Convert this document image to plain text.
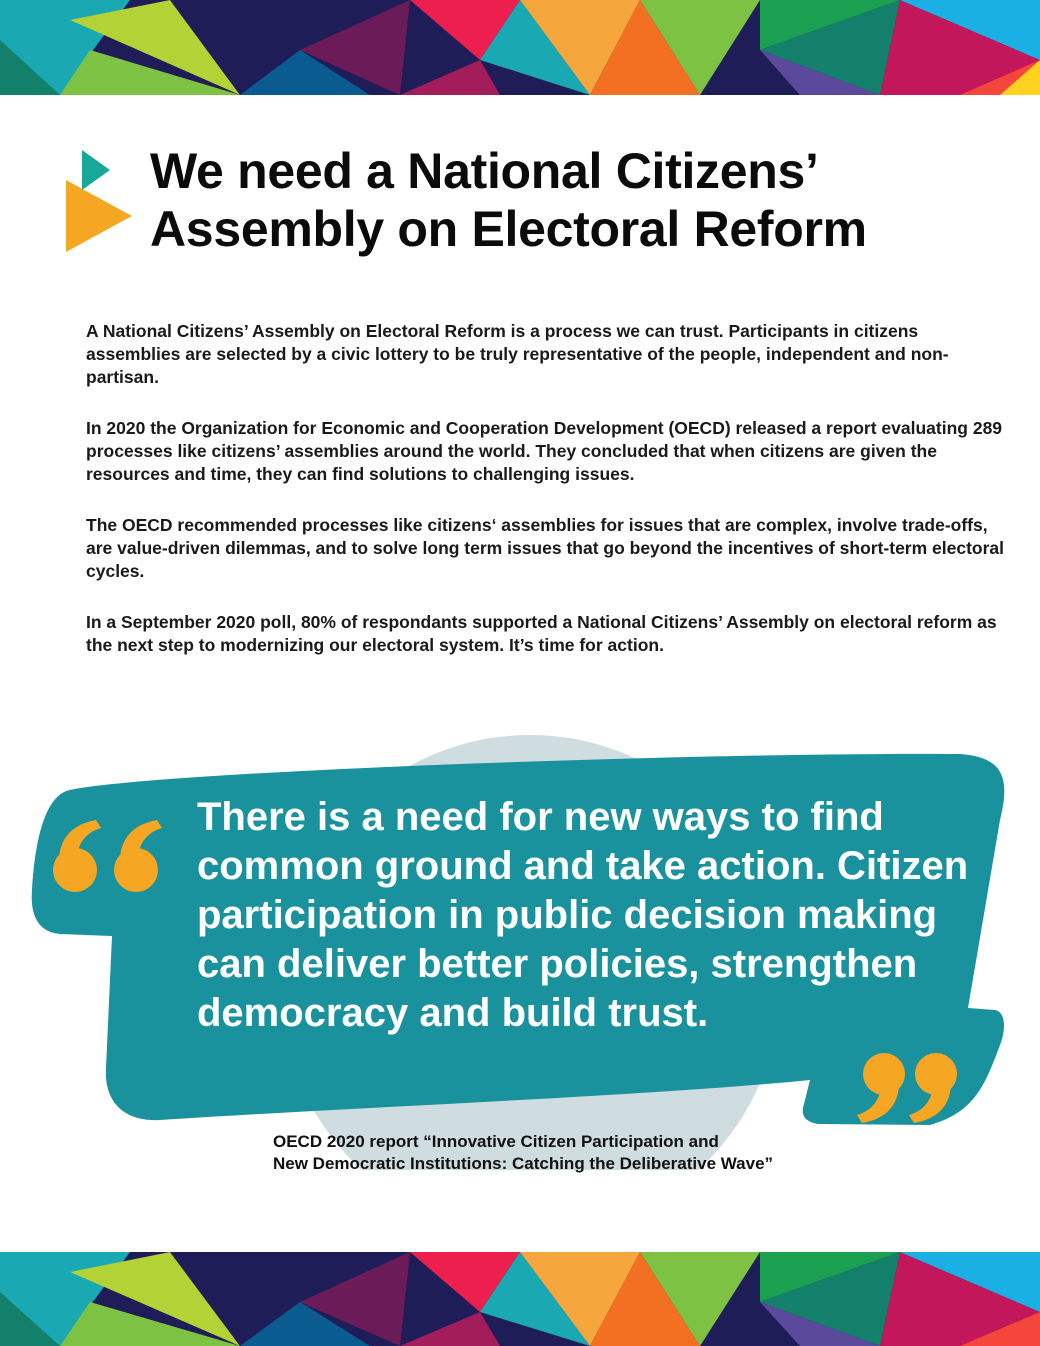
We need a National Citizens’ Assembly on Electoral Reform

A National Citizens’ Assembly on Electoral Reform is a process we can trust. Participants in citizens assemblies are selected by a civic lottery to be truly representative of the people, independent and non-partisan.

In 2020 the Organization for Economic and Cooperation Development (OECD) released a report evaluating 289 processes like citizens’ assemblies around the world. They concluded that when citizens are given the resources and time, they can find solutions to challenging issues.

The OECD recommended processes like citizens‘ assemblies for issues that are complex, involve trade-offs, are value-driven dilemmas, and to solve long term issues that go beyond the incentives of short-term electoral cycles.

In a September 2020 poll, 80% of respondants supported a National Citizens’ Assembly on electoral reform as the next step to modernizing our electoral system. It’s time for action.

There is a need for new ways to find common ground and take action. Citizen participation in public decision making can deliver better policies, strengthen democracy and build trust.

OECD 2020 report “Innovative Citizen Participation and
New Democratic Institutions: Catching the Deliberative Wave”
